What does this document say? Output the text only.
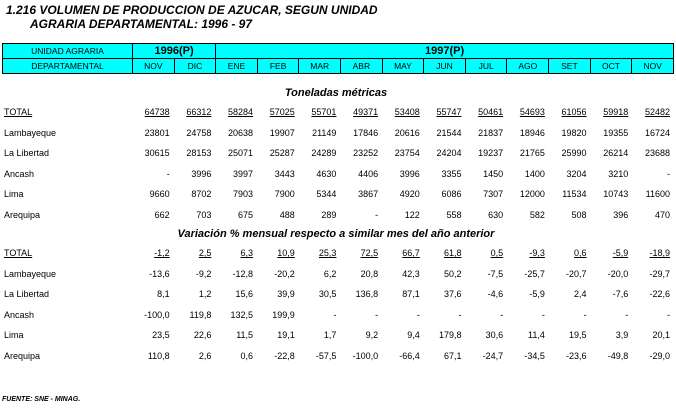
1.216 VOLUMEN DE PRODUCCION DE AZUCAR, SEGUN UNIDAD
AGRARIA DEPARTAMENTAL: 1996 - 97
UNIDAD AGRARIA	1996(P)		1997(P)										
DEPARTAMENTAL	NOV	DIC	ENE	FEB	MAR	ABR	MAY	JUN	JUL	AGO	SET	OCT	NOV
Toneladas métricas													
TOTAL	64738	66312	58284	57025	55701	49371	53408	55747	50461	54693	61056	59918	52482
Lambayeque	23801	24758	20638	19907	21149	17846	20616	21544	21837	18946	19820	19355	16724
La Libertad	30615	28153	25071	25287	24289	23252	23754	24204	19237	21765	25990	26214	23688
Ancash	-	3996	3997	3443	4630	4406	3996	3355	1450	1400	3204	3210	-
Lima	9660	8702	7903	7900	5344	3867	4920	6086	7307	12000	11534	10743	11600
Arequipa	662	703	675	488	289	-	122	558	630	582	508	396	470
Variación % mensual respecto a similar mes del año anterior													
TOTAL	-1,2	2,5	6,3	10,9	25,3	72,5	66,7	61,8	0,5	-9,3	0,6	-5,9	-18,9
Lambayeque	-13,6	-9,2	-12,8	-20,2	6,2	20,8	42,3	50,2	-7,5	-25,7	-20,7	-20,0	-29,7
La Libertad	8,1	1,2	15,6	39,9	30,5	136,8	87,1	37,6	-4,6	-5,9	2,4	-7,6	-22,6
Ancash	-100,0	119,8	132,5	199,9	-	-	-	-	-	-	-	-	-
Lima	23,5	22,6	11,5	19,1	1,7	9,2	9,4	179,8	30,6	11,4	19,5	3,9	20,1
Arequipa	110,8	2,6	0,6	-22,8	-57,5	-100,0	-66,4	67,1	-24,7	-34,5	-23,6	-49,8	-29,0
FUENTE: SNE - MINAG.
